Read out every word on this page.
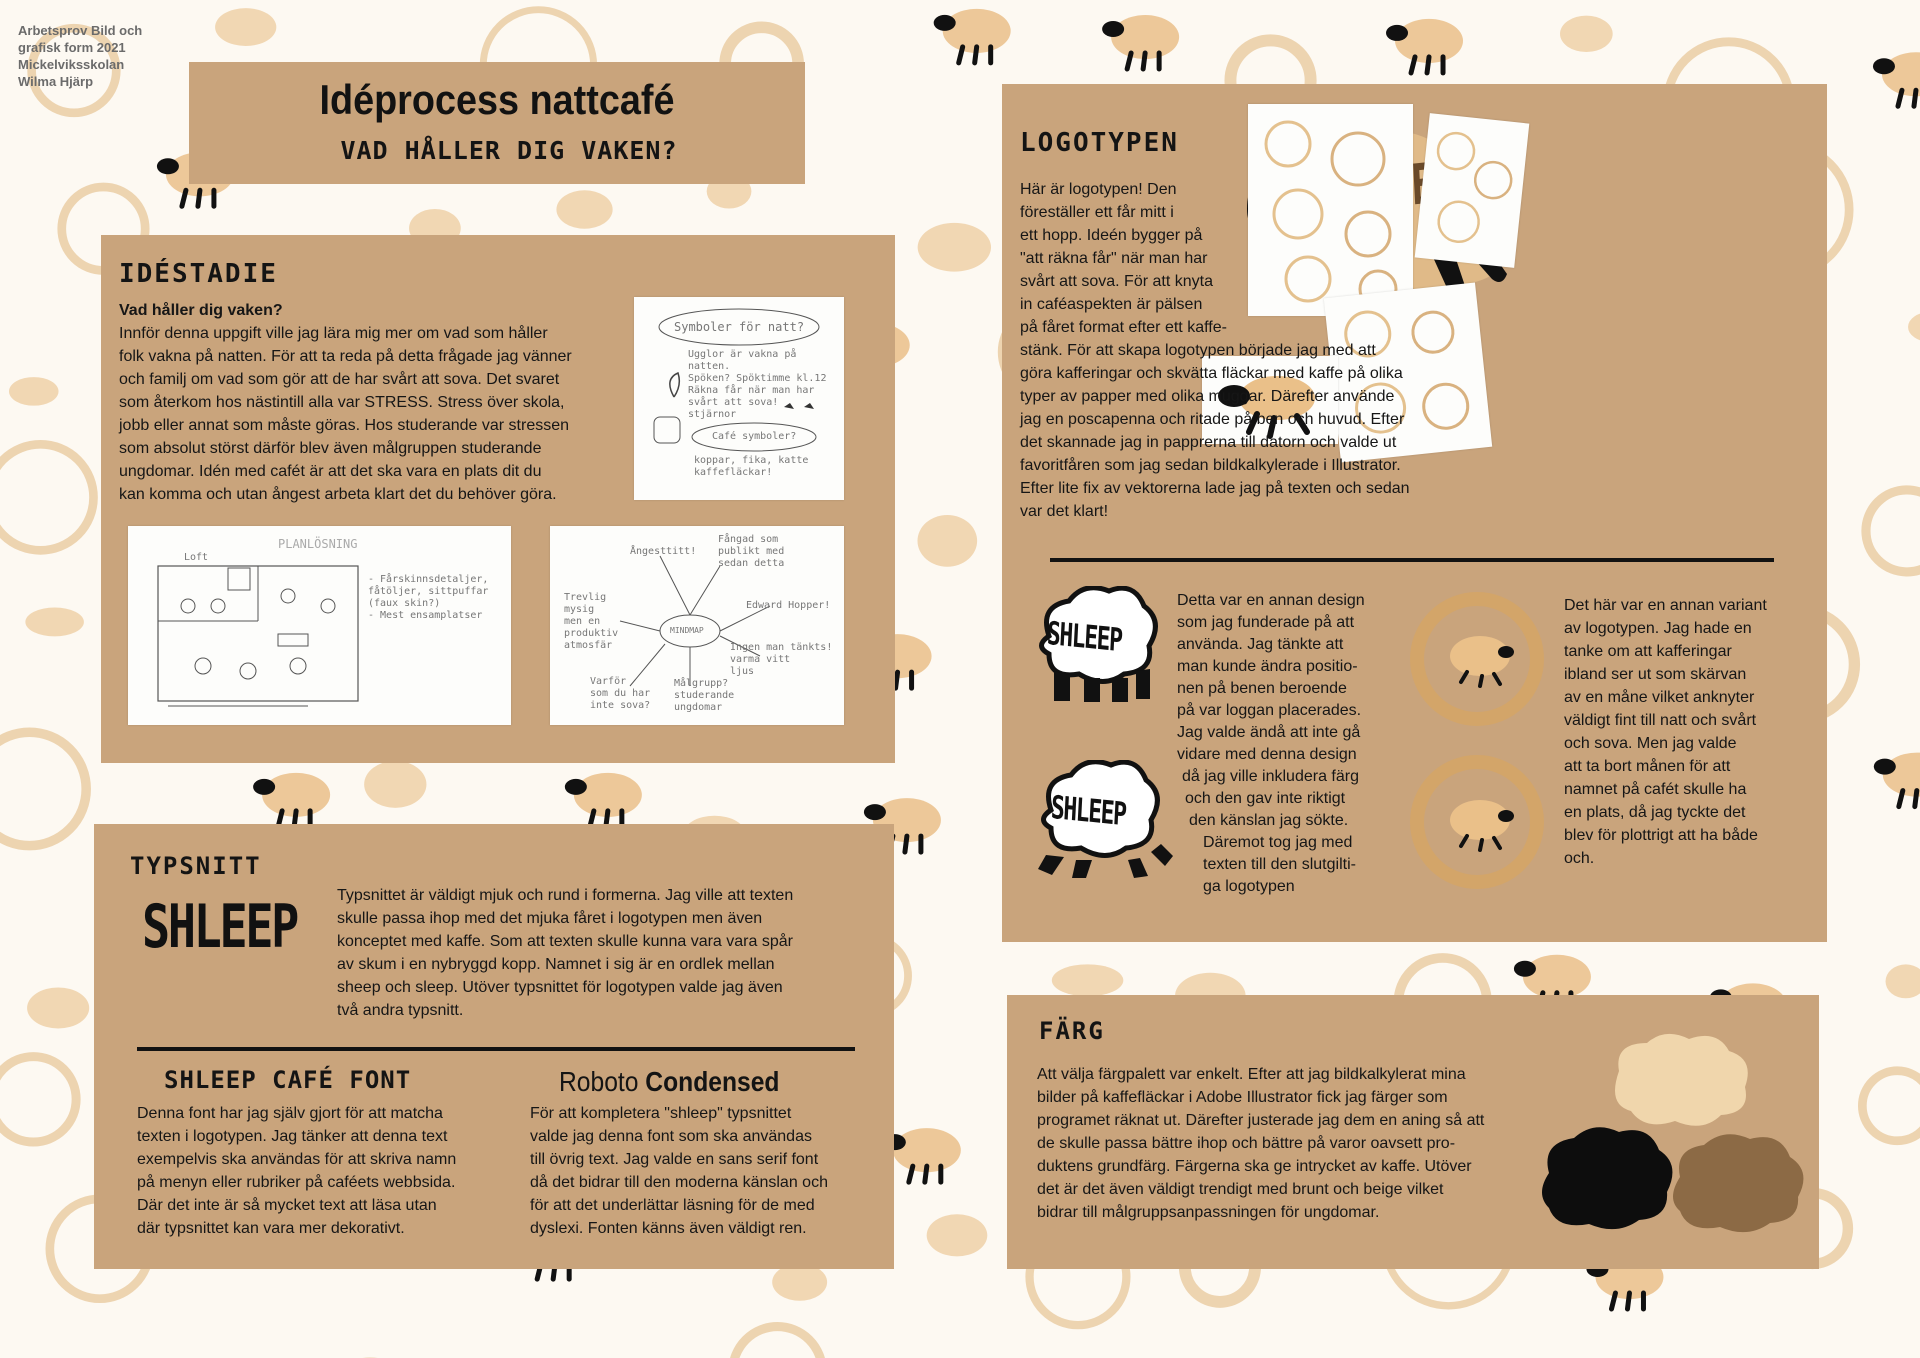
Arbetsprov Bild och
grafisk form 2021
Mickelviksskolan
Wilma Hjärp	Idéprocess nattcafé
VAD HÅLLER DIG VAKEN?
IDÉSTADIE
Vad håller dig vaken?
Innför denna uppgift ville jag lära mig mer om vad som håller
folk vakna på natten. För att ta reda på detta frågade jag vänner
och familj om vad som gör att de har svårt att sova. Det svaret
som återkom hos nästintill alla var STRESS. Stress över skola,
jobb eller annat som måste göras. Hos studerande var stressen
som absolut störst därför blev även målgruppen studerande
ungdomar. Idén med cafét är att det ska vara en plats dit du
kan komma och utan ångest arbeta klart det du behöver göra.
Symboler för natt?
Ugglor är vakna på
natten.
Spöken? Spöktimme kl.12
Räkna får när man har
svårt att sova!
stjärnor
Café symboler?
koppar, fika, katte
kaffefläckar!
PLANLÖSNING
Loft
- Fårskinnsdetaljer,
fåtöljer, sittpuffar
(faux skin?)
- Mest ensamplatser
MINDMAP
Ångesttitt!
Fångad som
publikt med
sedan detta
Trevlig
mysig
men en
produktiv
atmosfär
Edward Hopper!
Ingen man tänkts!
varma vitt
ljus
Varför
som du har
inte sova?
Målgrupp?
studerande
ungdomar
TYPSNITT
SHLEEP Typsnittet är väldigt mjuk och rund i formerna. Jag ville att texten
skulle passa ihop med det mjuka fåret i logotypen men även
konceptet med kaffe. Som att texten skulle kunna vara vara spår
av skum i en nybryggd kopp. Namnet i sig är en ordlek mellan
sheep och sleep. Utöver typsnittet för logotypen valde jag även
två andra typsnitt.
SHLEEP CAFÉ FONT
Denna font har jag själv gjort för att matcha
texten i logotypen. Jag tänker att denna text
exempelvis ska användas för att skriva namn
på menyn eller rubriker på caféets webbsida.
Där det inte är så mycket text att läsa utan
där typsnittet kan vara mer dekorativt.
Roboto Condensed
För att kompletera "shleep" typsnittet
valde jag denna font som ska användas
till övrig text. Jag valde en sans serif font
då det bidrar till den moderna känslan och
för att det underlättar läsning för de med
dyslexi. Fonten känns även väldigt ren.
LOGOTYPEN
Här är logotypen! Den
föreställer ett får mitt i
ett hopp. Ideén bygger på
"att räkna får" när man har
svårt att sova. För att knyta
in caféaspekten är pälsen
på fåret format efter ett kaffe-
stänk. För att skapa logotypen började jag med att
göra kafferingar och skvätta fläckar med kaffe på olika
typer av papper med olika muggar. Därefter använde
jag en poscapenna och ritade på ben och huvud. Efter
det skannade jag in papprerna till datorn och valde ut
favoritfåren som jag sedan bildkalkylerade i Illustrator.
Efter lite fix av vektorerna lade jag på texten och sedan
var det klart!
SHLEEP
SHLEEP
Detta var en annan design
som jag funderade på att
använda. Jag tänkte att
man kunde ändra positio-
nen på benen beroende
på var loggan placerades.
Jag valde ändå att inte gå
vidare med denna design
då jag ville inkludera färg
och den gav inte riktigt
den känslan jag sökte.
Däremot tog jag med
texten till den slutgilti-
ga logotypen
Det här var en annan variant
av logotypen. Jag hade en
tanke om att kafferingar
ibland ser ut som skärvan
av en måne vilket anknyter
väldigt fint till natt och svårt
och sova. Men jag valde
att ta bort månen för att
namnet på cafét skulle ha
en plats, då jag tyckte det
blev för plottrigt att ha både
och.
FÄRG
Att välja färgpalett var enkelt. Efter att jag bildkalkylerat mina
bilder på kaffefläckar i Adobe Illustrator fick jag färger som
programet räknat ut. Därefter justerade jag dem en aning så att
de skulle passa bättre ihop och bättre på varor oavsett pro-
duktens grundfärg. Färgerna ska ge intrycket av kaffe. Utöver
det är det även väldigt trendigt med brunt och beige vilket
bidrar till målgruppsanpassningen för ungdomar.
